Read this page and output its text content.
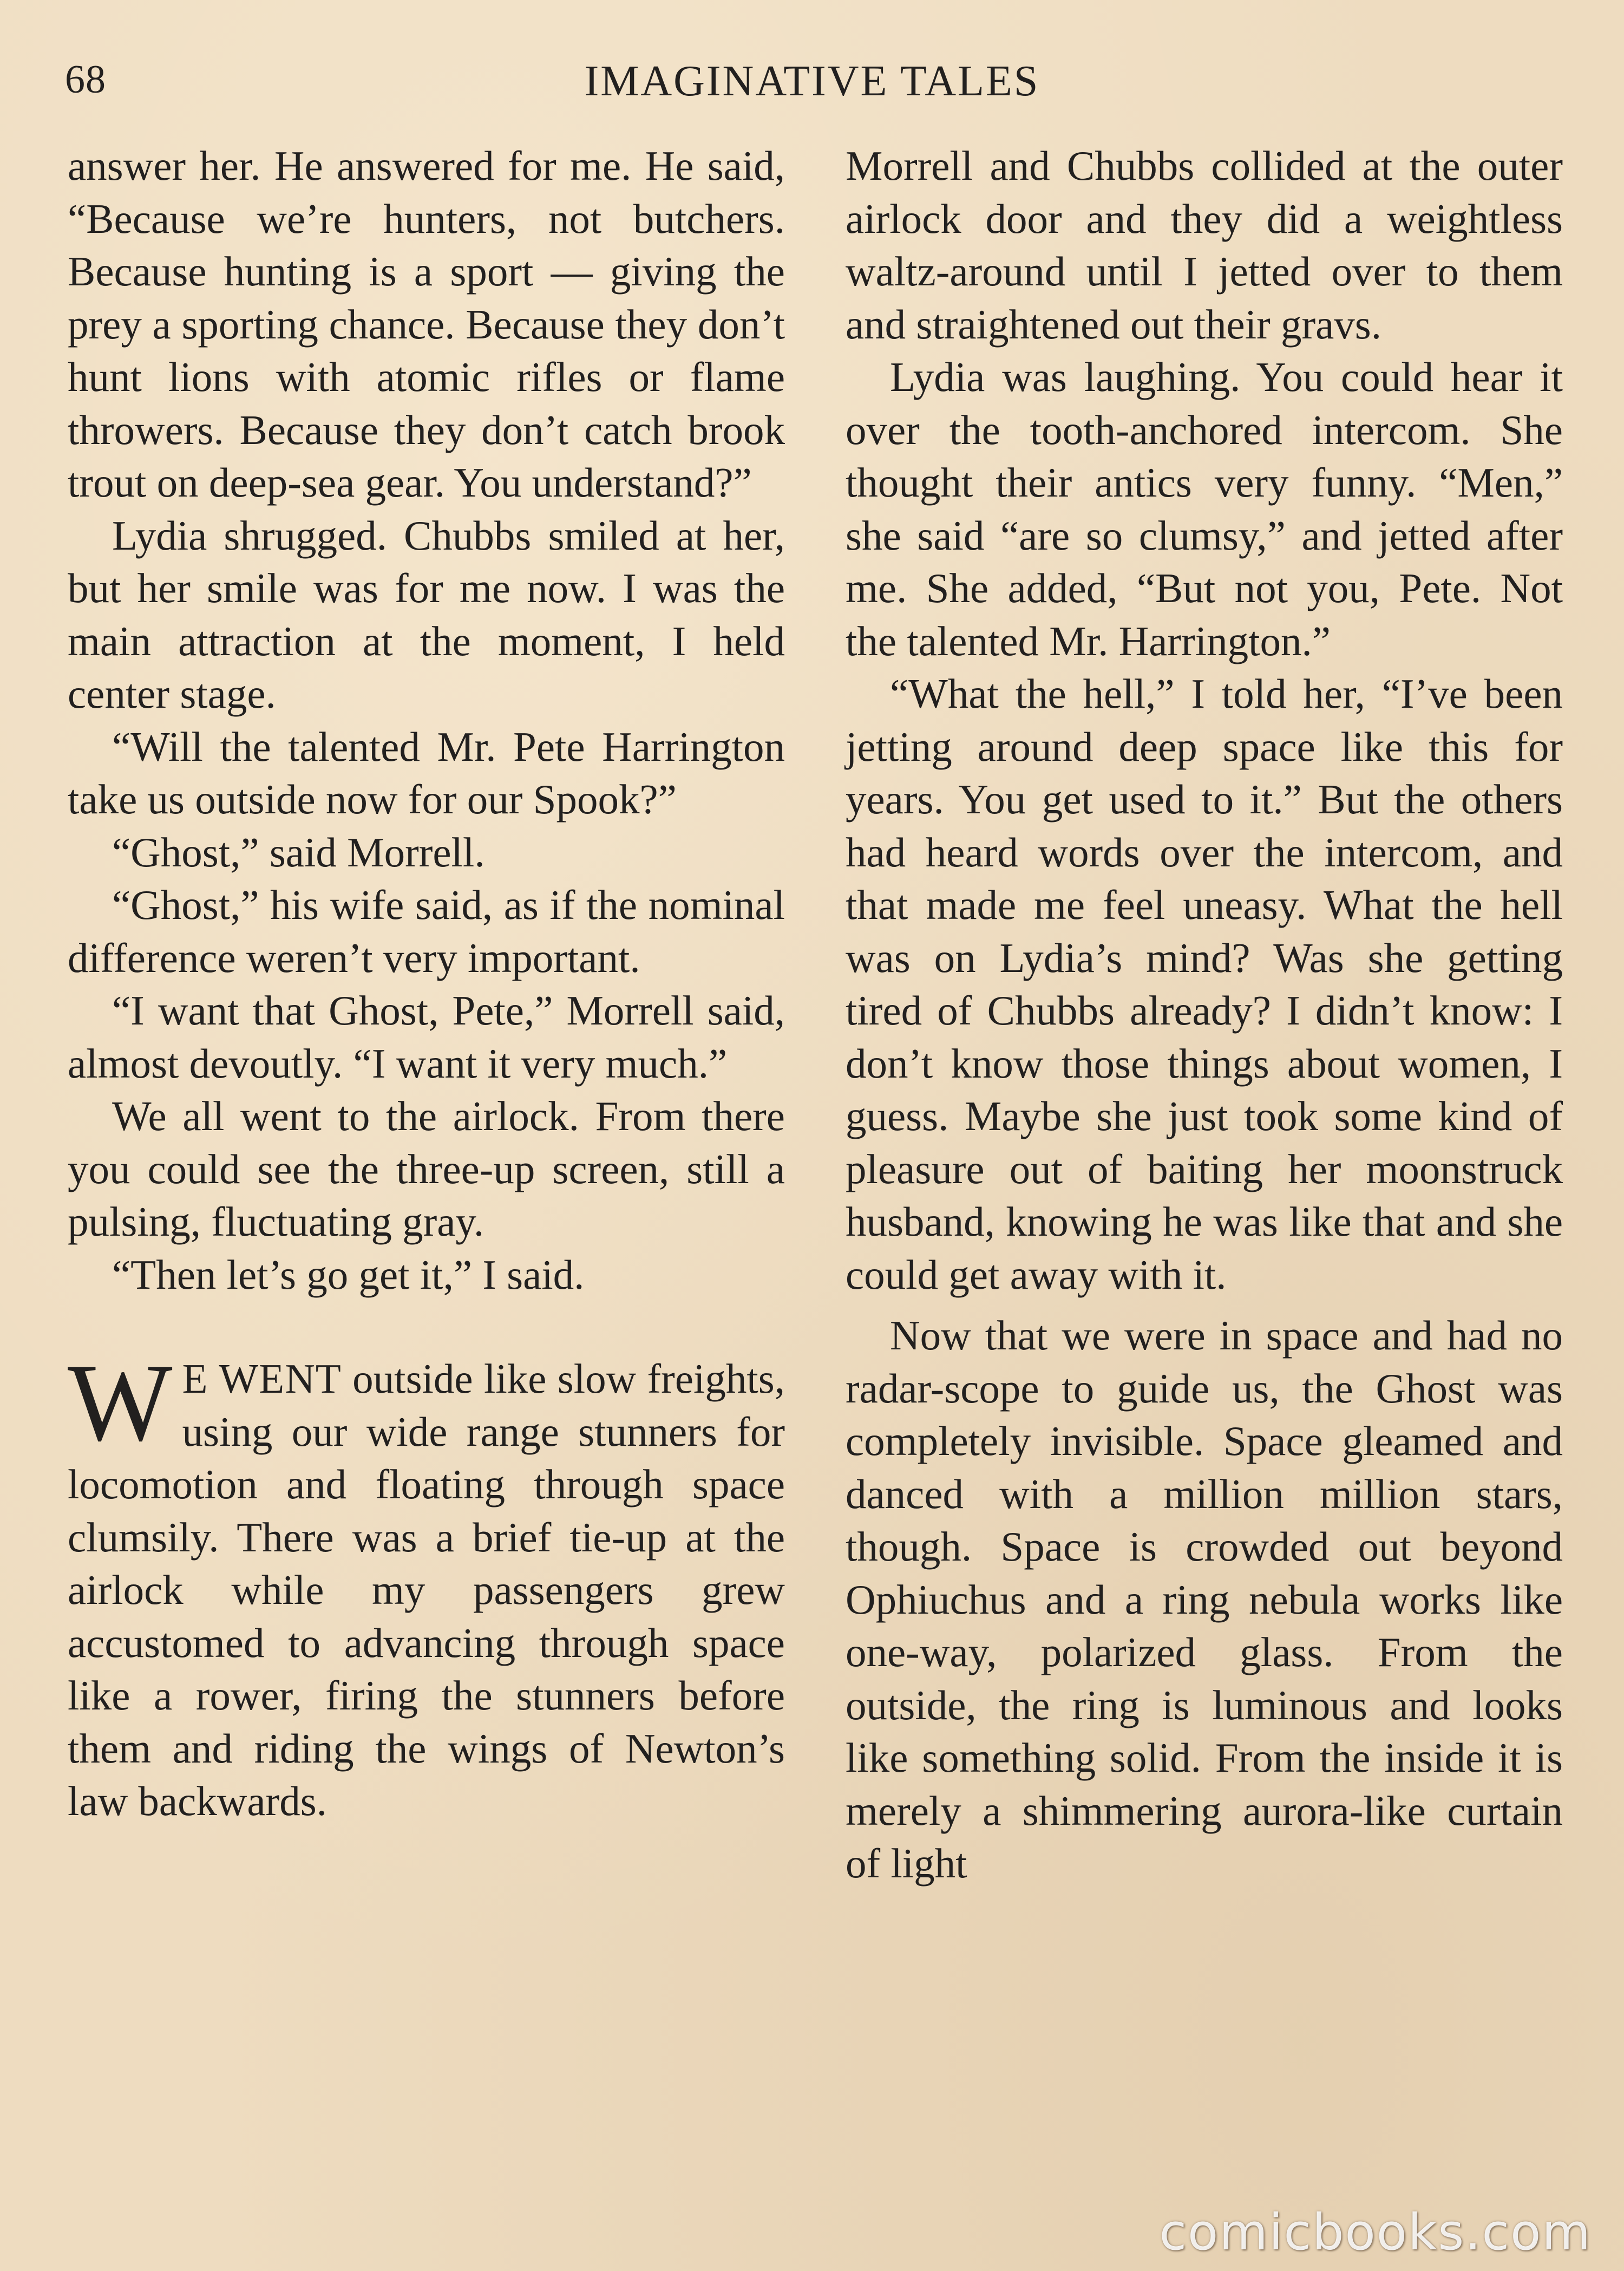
68	IMAGINATIVE TALES

answer her. He answered for me. He said, “Because we’re hunters, not butchers. Because hunting is a sport — giving the prey a sporting chance. Because they don’t hunt lions with atomic rifles or flame throwers. Because they don’t catch brook trout on deep-sea gear. You understand?”

Lydia shrugged. Chubbs smiled at her, but her smile was for me now. I was the main attraction at the moment, I held center stage.

“Will the talented Mr. Pete Harrington take us outside now for our Spook?”

“Ghost,” said Morrell.

“Ghost,” his wife said, as if the nominal difference weren’t very important.

“I want that Ghost, Pete,” Morrell said, almost devoutly. “I want it very much.”

We all went to the airlock. From there you could see the three-up screen, still a pulsing, fluctuating gray.

“Then let’s go get it,” I said.

W E WENT outside like slow freights, using our wide range stunners for locomotion and floating through space clumsily. There was a brief tie-up at the airlock while my passengers grew accustomed to advancing through space like a rower, firing the stunners before them and riding the wings of Newton’s law backwards.

Morrell and Chubbs collided at the outer airlock door and they did a weightless waltz-around until I jetted over to them and straightened out their gravs.

Lydia was laughing. You could hear it over the tooth-anchored intercom. She thought their antics very funny. “Men,” she said “are so clumsy,” and jetted after me. She added, “But not you, Pete. Not the talented Mr. Harrington.”

“What the hell,” I told her, “I’ve been jetting around deep space like this for years. You get used to it.” But the others had heard words over the intercom, and that made me feel uneasy. What the hell was on Lydia’s mind? Was she getting tired of Chubbs already? I didn’t know: I don’t know those things about women, I guess. Maybe she just took some kind of pleasure out of baiting her moonstruck husband, knowing he was like that and she could get away with it.

Now that we were in space and had no radar-scope to guide us, the Ghost was completely invisible. Space gleamed and danced with a million million stars, though. Space is crowded out beyond Ophiuchus and a ring nebula works like one-way, polarized glass. From the outside, the ring is luminous and looks like something solid. From the inside it is merely a shimmering aurora-like curtain of light

comicbooks.com
